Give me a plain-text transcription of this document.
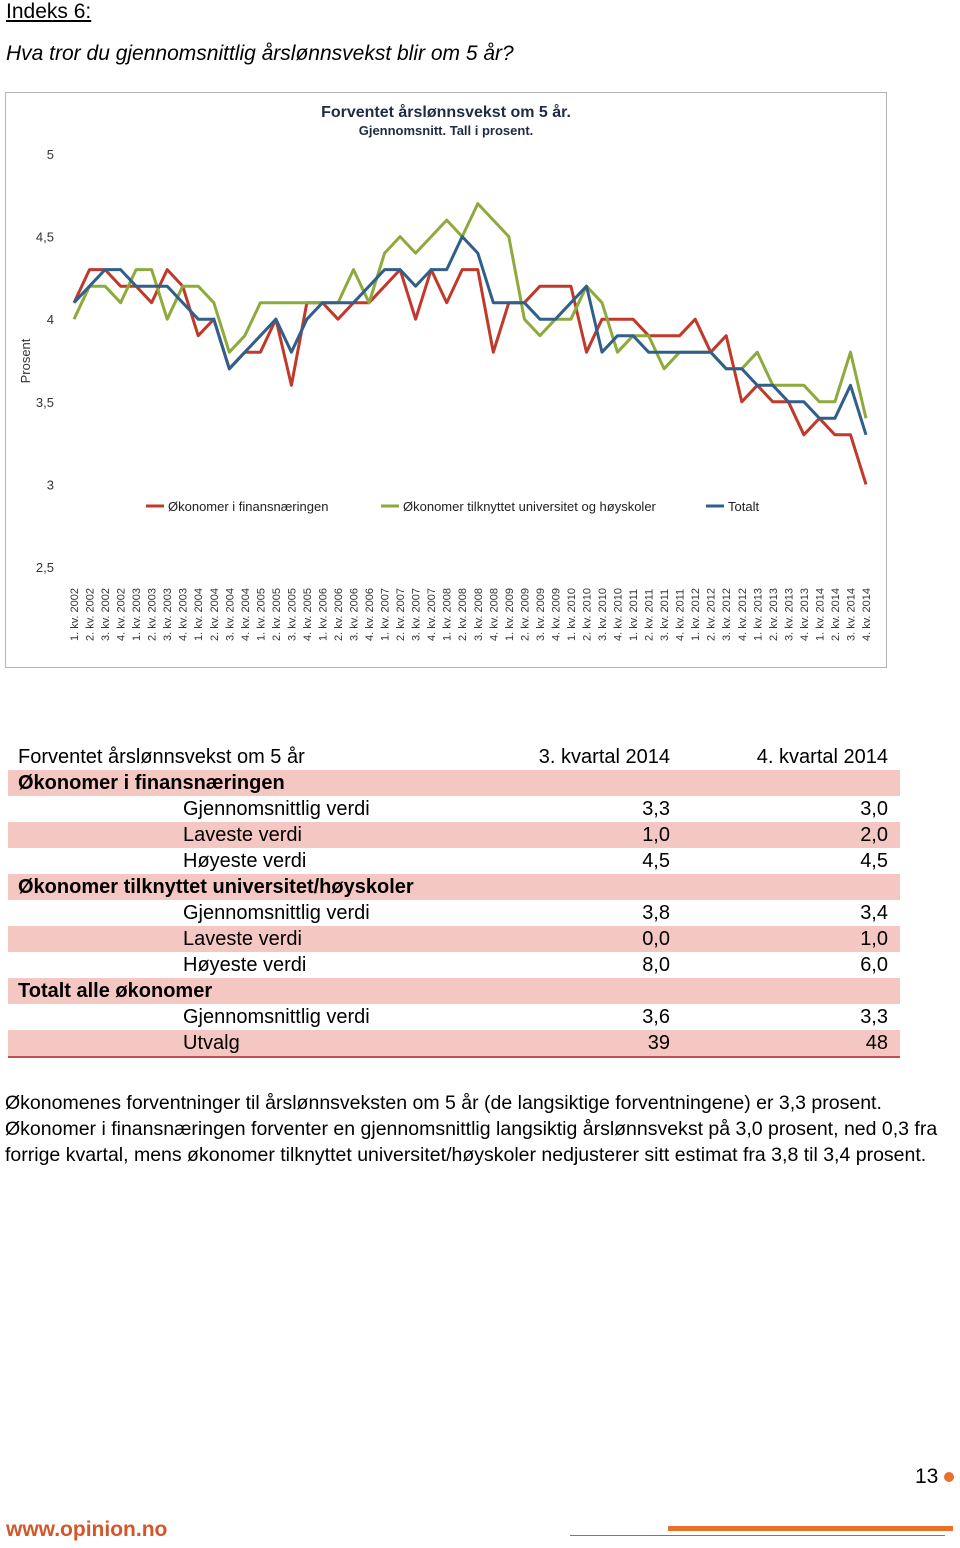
Indeks 6:
Hva tror du gjennomsnittlig årslønnsvekst blir om 5 år?
Forventet årslønnsvekst om 5 år.
Gjennomsnitt. Tall i prosent.
2,5
3
3,5
4
4,5
5
Prosent
1. kv. 2002 2. kv. 2002 3. kv. 2002 4. kv. 2002 1. kv. 2003 2. kv. 2003 3. kv. 2003 4. kv. 2003 1. kv. 2004 2. kv. 2004 3. kv. 2004 4. kv. 2004 1. kv. 2005 2. kv. 2005 3. kv. 2005 4. kv. 2005 1. kv. 2006 2. kv. 2006 3. kv. 2006 4. kv. 2006 1. kv. 2007 2. kv. 2007 3. kv. 2007 4. kv. 2007 1. kv. 2008 2. kv. 2008 3. kv. 2008 4. kv. 2008 1. kv. 2009 2. kv. 2009 3. kv. 2009 4. kv. 2009 1. kv. 2010 2. kv. 2010 3. kv. 2010 4. kv. 2010 1. kv. 2011 2. kv. 2011 3. kv. 2011 4. kv. 2011 1. kv. 2012 2. kv. 2012 3. kv. 2012 4. kv. 2012 1. kv. 2013 2. kv. 2013 3. kv. 2013 4. kv. 2013 1. kv. 2014 2. kv. 2014 3. kv. 2014 4. kv. 2014
Økonomer i finansnæringen	Økonomer tilknyttet universitet og høyskoler	Totalt
Forventet årslønnsvekst om 5 år	3. kvartal 2014	4. kvartal 2014
Økonomer i finansnæringen
Gjennomsnittlig verdi	3,3	3,0
Laveste verdi	1,0	2,0
Høyeste verdi	4,5	4,5
Økonomer tilknyttet universitet/høyskoler
Gjennomsnittlig verdi	3,8	3,4
Laveste verdi	0,0	1,0
Høyeste verdi	8,0	6,0
Totalt alle økonomer
Gjennomsnittlig verdi	3,6	3,3
Utvalg	39	48
Økonomenes forventninger til årslønnsveksten om 5 år (de langsiktige forventningene) er 3,3 prosent. Økonomer i finansnæringen forventer en gjennomsnittlig langsiktig årslønnsvekst på 3,0 prosent, ned 0,3 fra forrige kvartal, mens økonomer tilknyttet universitet/høyskoler nedjusterer sitt estimat fra 3,8 til 3,4 prosent.
13
www.opinion.no
